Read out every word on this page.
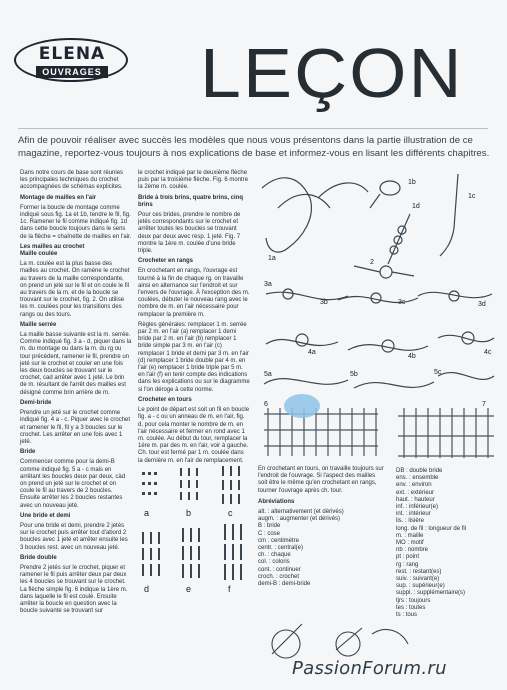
ELENA
OUVRAGES LEÇON
Afin de pouvoir réaliser avec succès les modèles que nous vous présentons dans la partie illustration de ce magazine, reportez-vous toujours à nos explications de base et informez-vous en lisant les différents chapitres.

Dans notre cours de base sont réunies les principales techniques du crochet accompagnées de schémas explicites.

Montage de mailles en l'air

Former la boucle de montage comme indiqué sous fig. 1a et 1b, tendre le fil, fig. 1c. Ramener le fil comme indiqué fig. 1d dans cette boucle toujours dans le sens de la flèche = chaînette de mailles en l'air.

Les mailles au crochet

Maille coulée

La m. coulée est la plus basse des mailles au crochet. On ramène le crochet au travers de la maille correspondante, on prend un jeté sur le fil et on coule le fil au travers de la m. et de la boucle se trouvant sur le crochet, fig. 2. On utilise les m. coulées pour les transitions des rangs ou des tours.

Maille serrée

La maille basse suivante est la m. serrée. Comme indiqué fig. 3 a - d, piquer dans la m. du montage ou dans la m. du rg ou tour précédent, ramener le fil, prendre un jeté sur le crochet et couler en une fois les deux boucles se trouvant sur le crochet, cad arrêter avec 1 jeté. Le brin de m. résultant de l'arrêt des mailles est désigné comme brin arrière de m.

Demi-bride

Prendre un jeté sur le crochet comme indiqué fig. 4 a - c. Piquer avec le crochet et ramener le fil, fil y a 3 boucles sur le crochet. Les arrêter en une fois avec 1 jeté.

Bride

Commencer comme pour la demi-B comme indiqué fig. 5 a - c mais en arrêtant les boucles deux par deux, càd on prend un jeté sur le crochet et on coule le fil au travers de 2 boucles. Ensuite arrêter les 2 boucles restantes avec un nouveau jeté.

Une bride et demi

Pour une bride et demi, prendre 2 jetés sur le crochet puis arrêter tout d'abord 2 boucles avec 1 jeté et arrêter ensuite les 3 boucles rest. avec un nouveau jeté.

Bride double

Prendre 2 jetés sur le crochet, piquer et ramener le fil puis arrêter deux par deux les 4 boucles se trouvant sur le crochet. La flèche simple fig. 6 indique la 1ère m. dans laquelle le fil est coulé. Ensuite arrêter la boucle en question avec la boucle suivante se trouvant sur

le crochet indiqué par le deuxième flèche puis par la troisième flèche. Fig. 6 montre la 2ème m. coulée.

Bride à trois brins, quatre brins, cinq brins

Pour ces brides, prendre le nombre de jetés correspondants sur le crochet et arrêter toutes les boucles se trouvant deux par deux avec resp. 1 jeté. Fig. 7 montre la 1ère m. coulée d'une bride triple.

Crocheter en rangs

En crochetant en rangs, l'ouvrage est tourné à la fin de chaque rg. on travaille ainsi en alternance sur l'endroit et sur l'envers de l'ouvrage. À l'exception des m. coulées, débuter le nouveau rang avec le nombre de m. en l'air nécessaire pour remplacer la première m.

Règles générales: remplacer 1 m. serrée par 2 m. en l'air (a) remplacer 1 demi bride par 2 m. en l'air (b) remplacer 1 bride simple par 3 m. en l'air (c) remplacer 1 bride et demi par 3 m. en l'air (d) remplacer 1 bride double par 4 m. en l'air (e) remplacer 1 bride triple par 5 m. en l'air (f) en tenir compte des indications dans les explications ou sur le diagramme si l'on déroge à cette norme.

Crocheter en tours

Le point de départ est soit un fil en boucle fig. a - c ou un anneau de m. en l'air, fig. d, pour cela monter le nombre de m. en l'air nécessaire et fermer en rond avec 1 m. coulée. Au début du tour, remplacer la 1ère m. par des m. en l'air, voir à gauche. Ch. tour est fermé par 1 m. coulée dans la dernière m. en l'air de remplacement.

1a
1b
1c
1d
2
3a
3b	3c	3d
4a
4b
4c
5a	5b	5c
6	7
a	b	c
d	e	f

En crochetant en tours, on travaille toujours sur l'endroit de l'ouvrage. Si l'aspect des mailles soit être le même qu'en crochetant en rangs, tourner l'ouvrage après ch. tour.

Abréviations

alt. : alternativement (et dérivés)
augm. : augmenter (et dérivés)
B : bride
C : cose
cm : centimètre
centr. : central(e)
ch. : chaque
col. : coloris
cont. : continuer
croch. : crochet
demi-B : demi-bride
DB : double bride
ens. : ensemble
env. : environ
ext. : extérieur
haut. : hauteur
inf. : inférieur(e)
int. : intérieur
lis. : lisière
long. de fil : longueur de fil
m. : maille
MO : motif
nb : nombre
pt : point
rg : rang
rest. : restant(es)
suiv. : suivant(e)
sup. : supérieur(e)
suppl. : supplémentaire(s)
tjrs : toujours
tes : toutes
ts : tous
PassionForum.ru
